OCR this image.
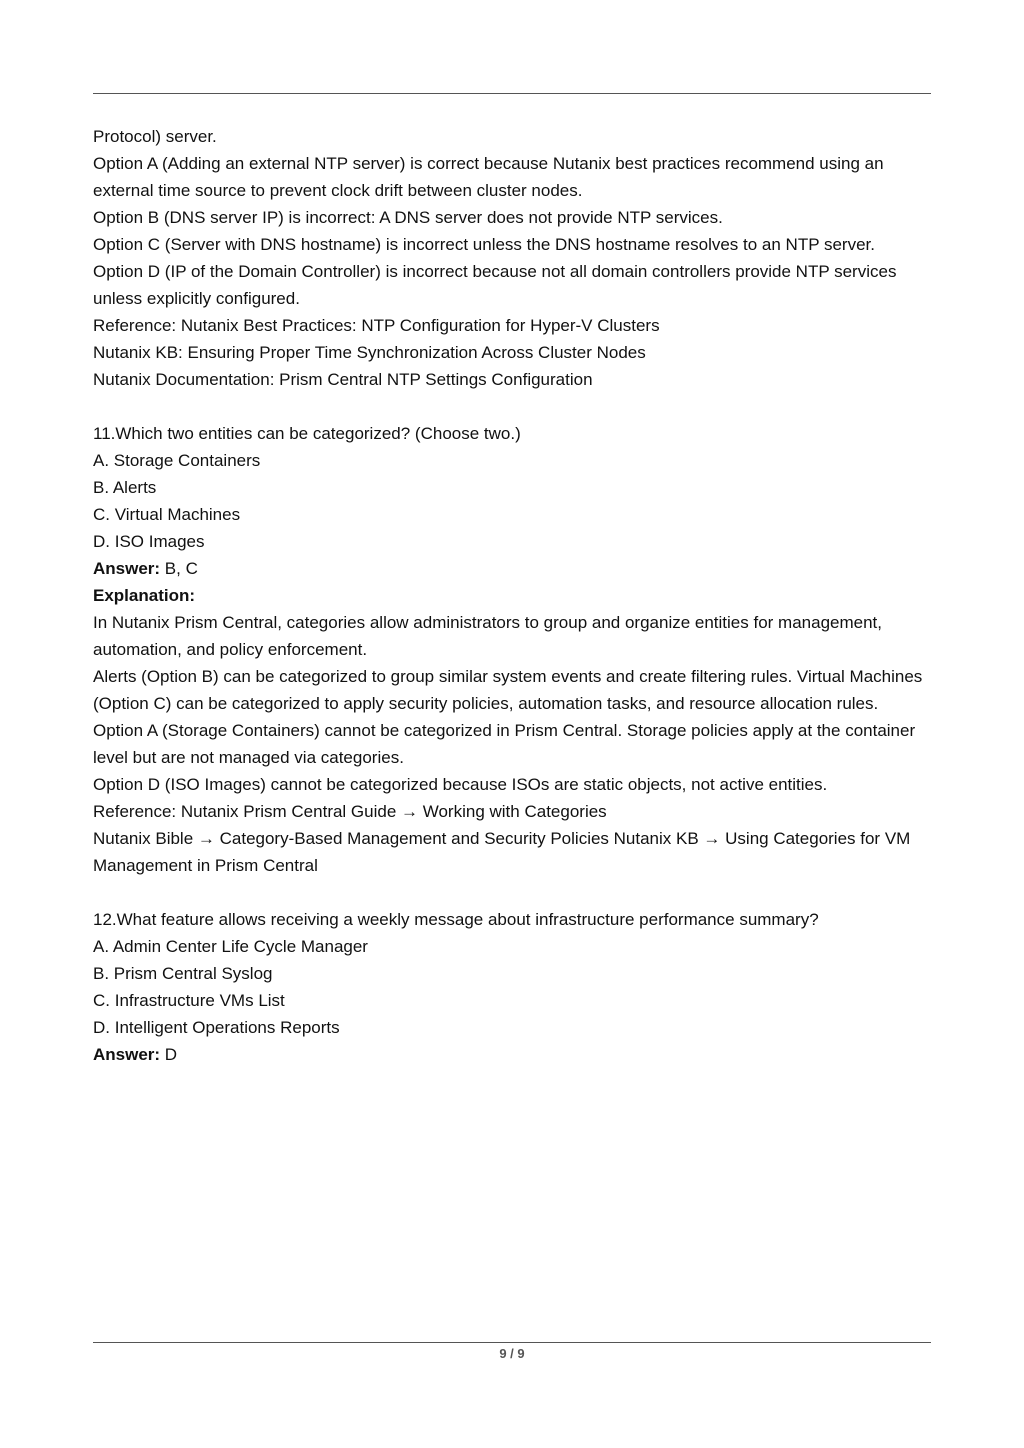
Protocol) server.
Option A (Adding an external NTP server) is correct because Nutanix best practices recommend using an external time source to prevent clock drift between cluster nodes.
Option B (DNS server IP) is incorrect: A DNS server does not provide NTP services.
Option C (Server with DNS hostname) is incorrect unless the DNS hostname resolves to an NTP server.
Option D (IP of the Domain Controller) is incorrect because not all domain controllers provide NTP services unless explicitly configured.
Reference: Nutanix Best Practices: NTP Configuration for Hyper-V Clusters
Nutanix KB: Ensuring Proper Time Synchronization Across Cluster Nodes
Nutanix Documentation: Prism Central NTP Settings Configuration
11.Which two entities can be categorized? (Choose two.)
A. Storage Containers
B. Alerts
C. Virtual Machines
D. ISO Images
Answer: B, C
Explanation:
In Nutanix Prism Central, categories allow administrators to group and organize entities for management, automation, and policy enforcement.
Alerts (Option B) can be categorized to group similar system events and create filtering rules. Virtual Machines (Option C) can be categorized to apply security policies, automation tasks, and resource allocation rules.
Option A (Storage Containers) cannot be categorized in Prism Central. Storage policies apply at the container level but are not managed via categories.
Option D (ISO Images) cannot be categorized because ISOs are static objects, not active entities.
Reference: Nutanix Prism Central Guide → Working with Categories
Nutanix Bible → Category-Based Management and Security Policies Nutanix KB → Using Categories for VM Management in Prism Central
12.What feature allows receiving a weekly message about infrastructure performance summary?
A. Admin Center Life Cycle Manager
B. Prism Central Syslog
C. Infrastructure VMs List
D. Intelligent Operations Reports
Answer: D
9 / 9
